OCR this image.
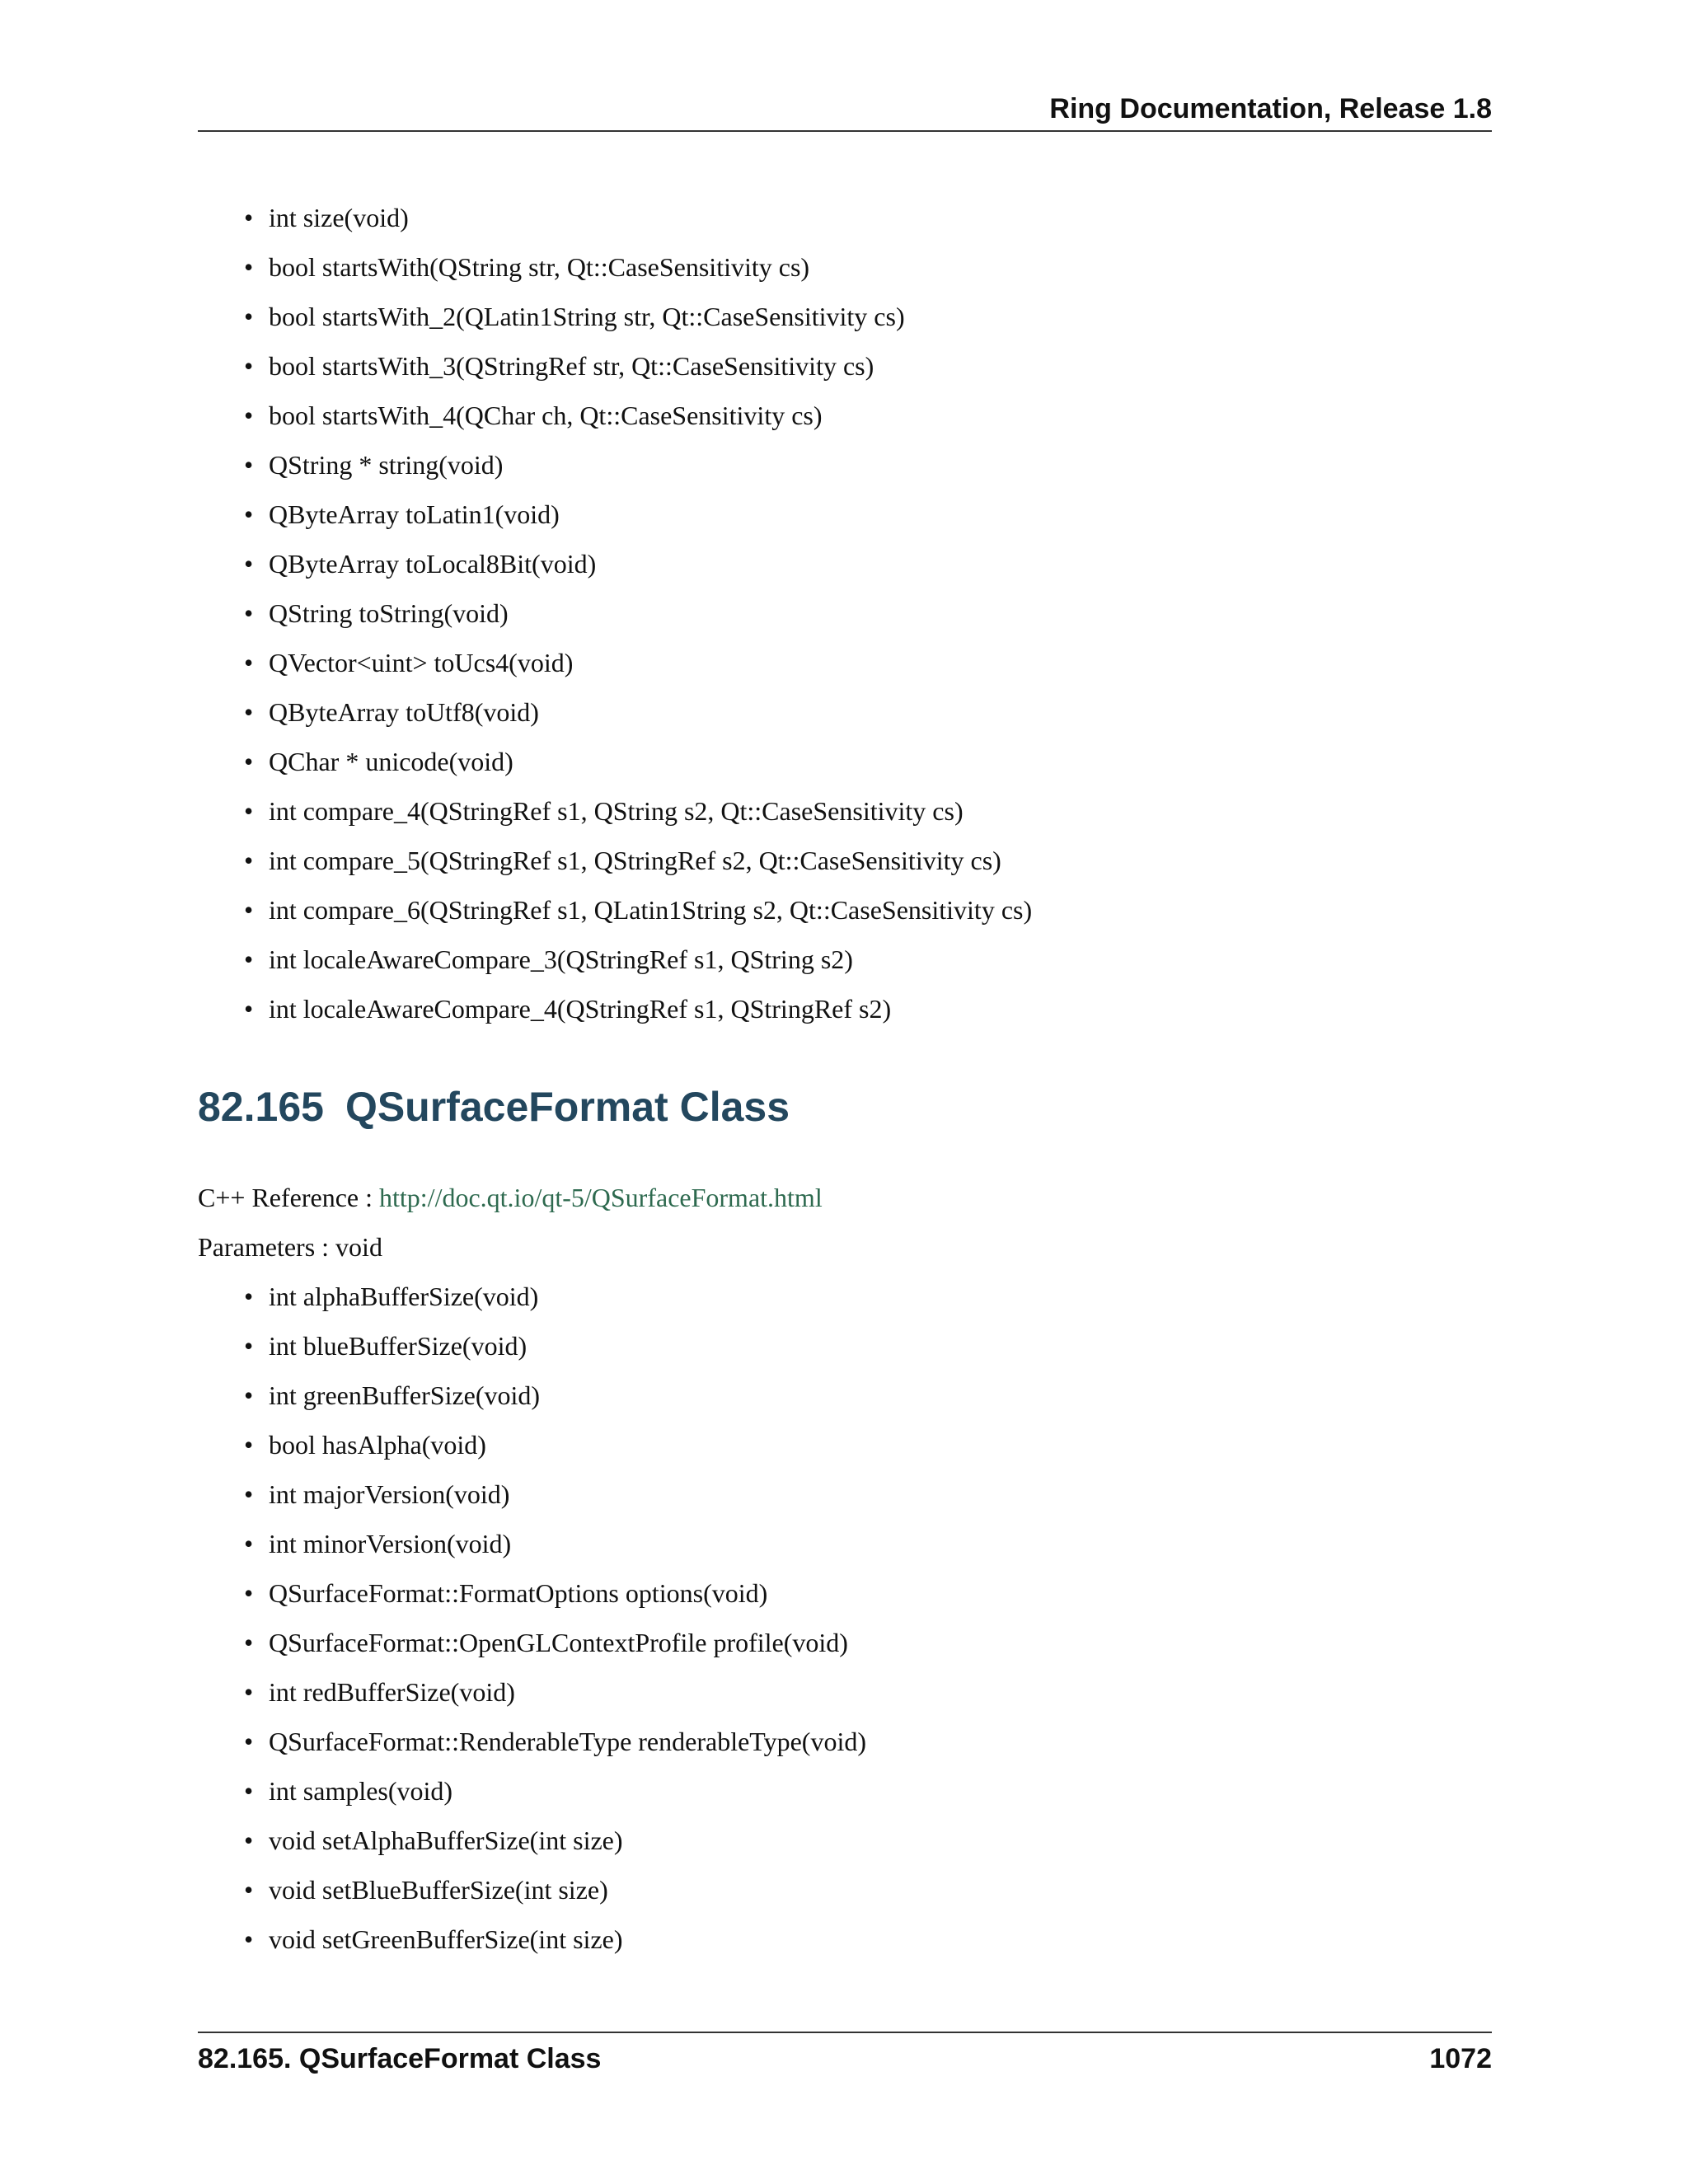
Ring Documentation, Release 1.8
• int size(void)
• bool startsWith(QString str, Qt::CaseSensitivity cs)
• bool startsWith_2(QLatin1String str, Qt::CaseSensitivity cs)
• bool startsWith_3(QStringRef str, Qt::CaseSensitivity cs)
• bool startsWith_4(QChar ch, Qt::CaseSensitivity cs)
• QString * string(void)
• QByteArray toLatin1(void)
• QByteArray toLocal8Bit(void)
• QString toString(void)
• QVector<uint> toUcs4(void)
• QByteArray toUtf8(void)
• QChar * unicode(void)
• int compare_4(QStringRef s1, QString s2, Qt::CaseSensitivity cs)
• int compare_5(QStringRef s1, QStringRef s2, Qt::CaseSensitivity cs)
• int compare_6(QStringRef s1, QLatin1String s2, Qt::CaseSensitivity cs)
• int localeAwareCompare_3(QStringRef s1, QString s2)
• int localeAwareCompare_4(QStringRef s1, QStringRef s2)
82.165 QSurfaceFormat Class
C++ Reference : http://doc.qt.io/qt-5/QSurfaceFormat.html
Parameters : void
• int alphaBufferSize(void)
• int blueBufferSize(void)
• int greenBufferSize(void)
• bool hasAlpha(void)
• int majorVersion(void)
• int minorVersion(void)
• QSurfaceFormat::FormatOptions options(void)
• QSurfaceFormat::OpenGLContextProfile profile(void)
• int redBufferSize(void)
• QSurfaceFormat::RenderableType renderableType(void)
• int samples(void)
• void setAlphaBufferSize(int size)
• void setBlueBufferSize(int size)
• void setGreenBufferSize(int size)
82.165. QSurfaceFormat Class	1072
